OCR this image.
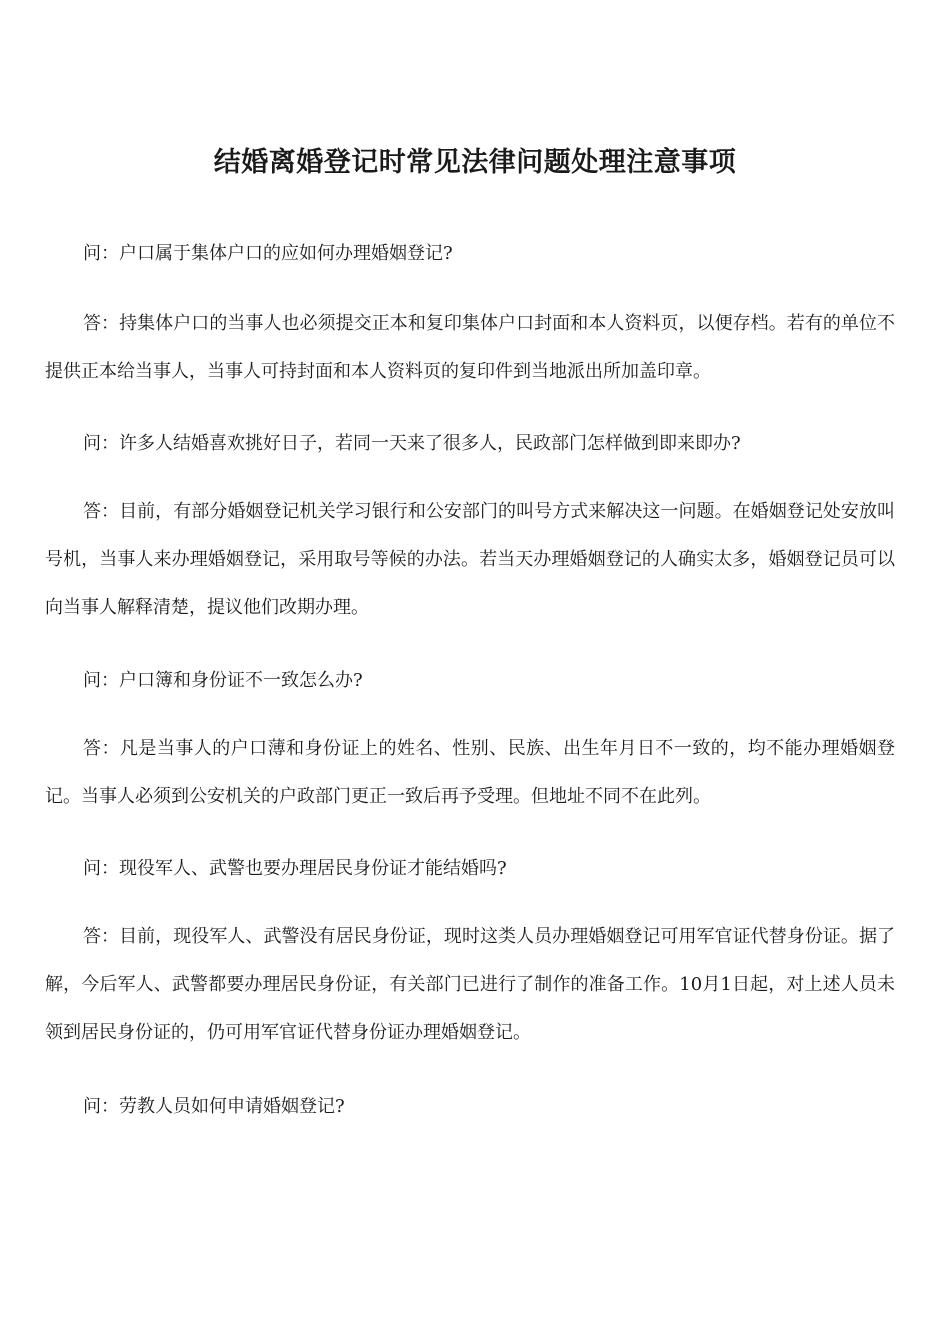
结婚离婚登记时常见法律问题处理注意事项

问：户口属于集体户口的应如何办理婚姻登记?

答：持集体户口的当事人也必须提交正本和复印集体户口封面和本人资料页，以便存档。若有的单位不提供正本给当事人，当事人可持封面和本人资料页的复印件到当地派出所加盖印章。

问：许多人结婚喜欢挑好日子，若同一天来了很多人，民政部门怎样做到即来即办?

答：目前，有部分婚姻登记机关学习银行和公安部门的叫号方式来解决这一问题。在婚姻登记处安放叫号机，当事人来办理婚姻登记，采用取号等候的办法。若当天办理婚姻登记的人确实太多，婚姻登记员可以向当事人解释清楚，提议他们改期办理。

问：户口簿和身份证不一致怎么办?

答：凡是当事人的户口薄和身份证上的姓名、性别、民族、出生年月日不一致的，均不能办理婚姻登记。当事人必须到公安机关的户政部门更正一致后再予受理。但地址不同不在此列。

问：现役军人、武警也要办理居民身份证才能结婚吗?

答：目前，现役军人、武警没有居民身份证，现时这类人员办理婚姻登记可用军官证代替身份证。据了解，今后军人、武警都要办理居民身份证，有关部门已进行了制作的准备工作。10月1日起，对上述人员未领到居民身份证的，仍可用军官证代替身份证办理婚姻登记。

问：劳教人员如何申请婚姻登记?
